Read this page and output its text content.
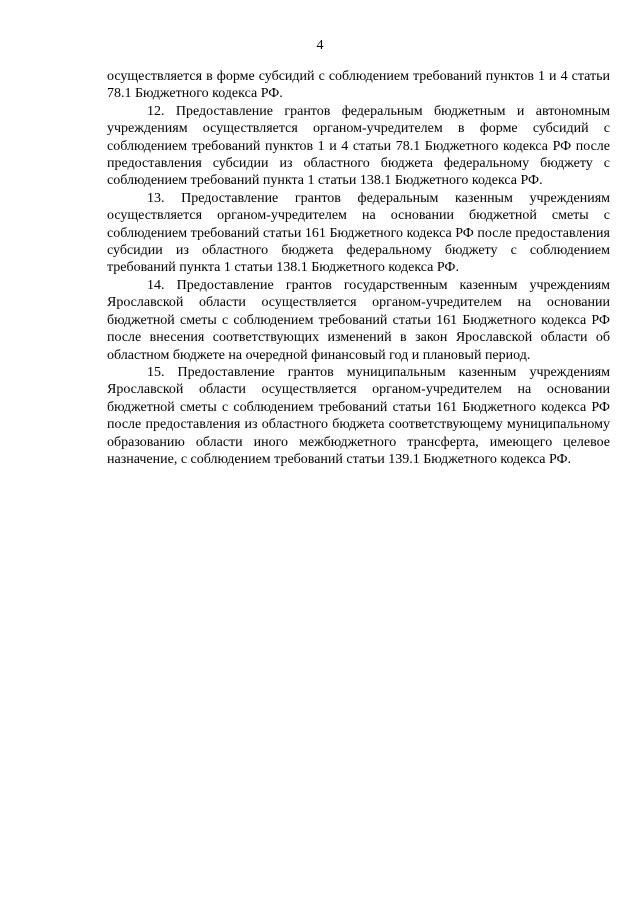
4

осуществляется в форме субсидий с соблюдением требований пунктов 1 и 4 статьи 78.1 Бюджетного кодекса РФ.

12. Предоставление грантов федеральным бюджетным и автономным учреждениям осуществляется органом-учредителем в форме субсидий с соблюдением требований пунктов 1 и 4 статьи 78.1 Бюджетного кодекса РФ после предоставления субсидии из областного бюджета федеральному бюджету с соблюдением требований пункта 1 статьи 138.1 Бюджетного кодекса РФ.

13. Предоставление грантов федеральным казенным учреждениям осуществляется органом-учредителем на основании бюджетной сметы с соблюдением требований статьи 161 Бюджетного кодекса РФ после предоставления субсидии из областного бюджета федеральному бюджету с соблюдением требований пункта 1 статьи 138.1 Бюджетного кодекса РФ.

14. Предоставление грантов государственным казенным учреждениям Ярославской области осуществляется органом-учредителем на основании бюджетной сметы с соблюдением требований статьи 161 Бюджетного кодекса РФ после внесения соответствующих изменений в закон Ярославской области об областном бюджете на очередной финансовый год и плановый период.

15. Предоставление грантов муниципальным казенным учреждениям Ярославской области осуществляется органом-учредителем на основании бюджетной сметы с соблюдением требований статьи 161 Бюджетного кодекса РФ после предоставления из областного бюджета соответствующему муниципальному образованию области иного межбюджетного трансферта, имеющего целевое назначение, с соблюдением требований статьи 139.1 Бюджетного кодекса РФ.
